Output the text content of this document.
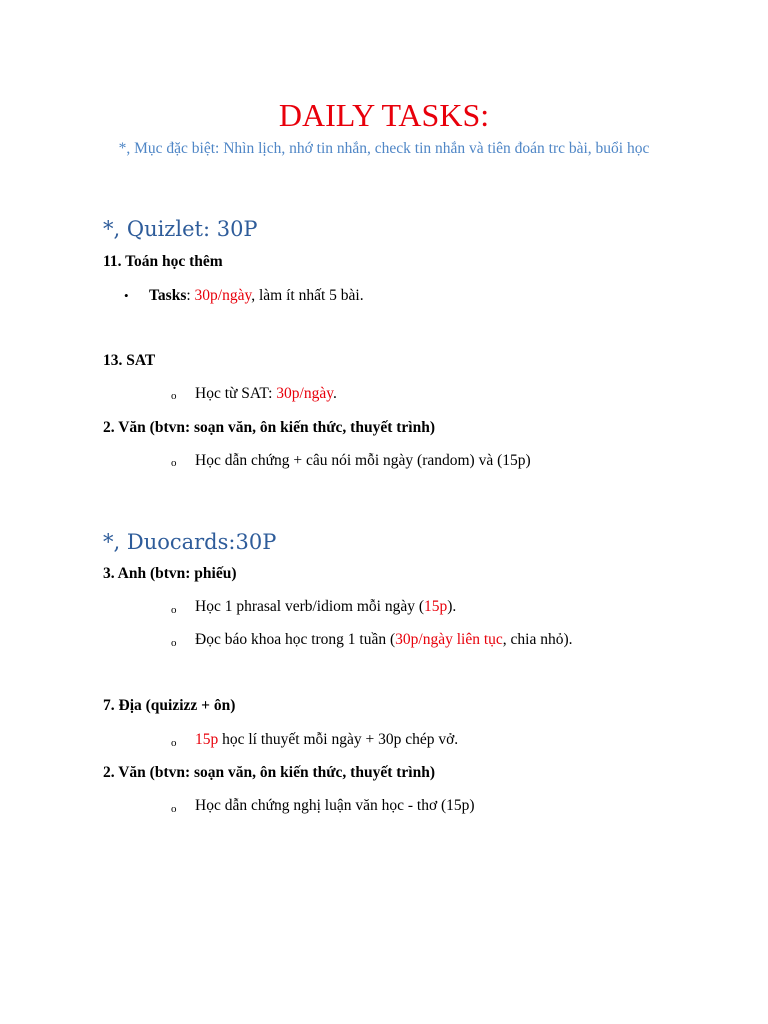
DAILY TASKS:
*, Mục đặc biệt: Nhìn lịch, nhớ tin nhắn, check tin nhắn và tiên đoán trc bài, buổi học
*, Quizlet: 30P
11. Toán học thêm
• Tasks: 30p/ngày, làm ít nhất 5 bài.
13. SAT
o Học từ SAT: 30p/ngày.
2. Văn (btvn: soạn văn, ôn kiến thức, thuyết trình)
o Học dẫn chứng + câu nói mỗi ngày (random) và (15p)
*, Duocards:30P
3. Anh (btvn: phiếu)
o Học 1 phrasal verb/idiom mỗi ngày (15p).
o Đọc báo khoa học trong 1 tuần (30p/ngày liên tục, chia nhỏ).
7. Địa (quizizz + ôn)
o 15p học lí thuyết mỗi ngày + 30p chép vở.
2. Văn (btvn: soạn văn, ôn kiến thức, thuyết trình)
o Học dẫn chứng nghị luận văn học - thơ (15p)
